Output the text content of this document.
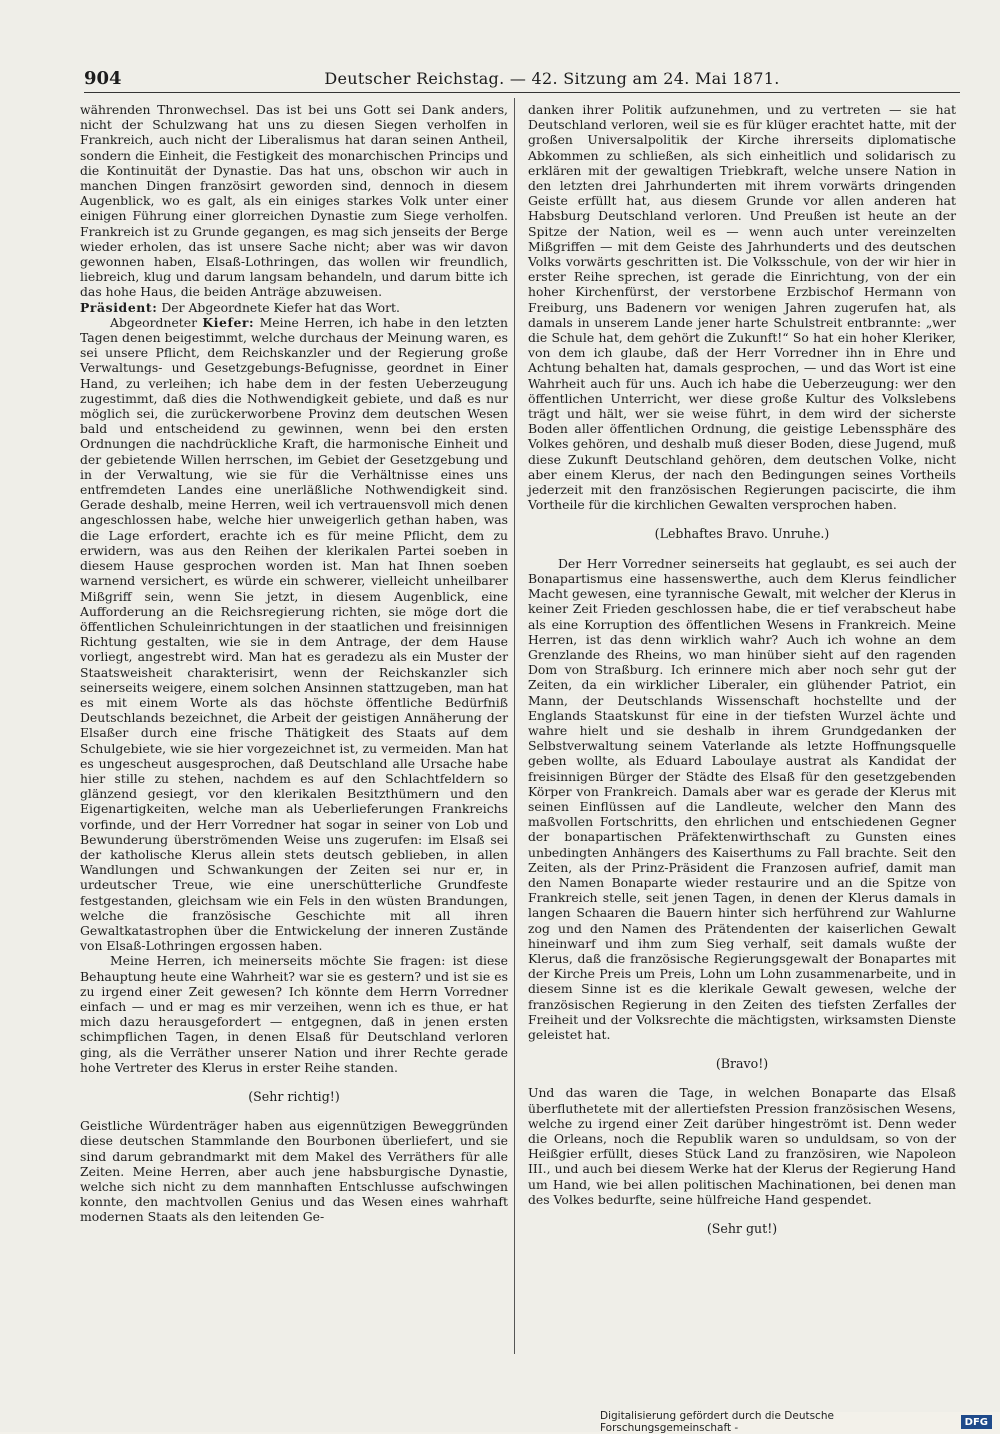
904	Deutscher Reichstag. — 42. Sitzung am 24. Mai 1871.

währenden Thronwechsel. Das ist bei uns Gott sei Dank anders, nicht der Schulzwang hat uns zu diesen Siegen verholfen in Frankreich, auch nicht der Liberalismus hat daran seinen Antheil, sondern die Einheit, die Festigkeit des monarchischen Princips und die Kontinuität der Dynastie. Das hat uns, obschon wir auch in manchen Dingen französirt geworden sind, dennoch in diesem Augenblick, wo es galt, als ein einiges starkes Volk unter einer einigen Führung einer glorreichen Dynastie zum Siege verholfen. Frankreich ist zu Grunde gegangen, es mag sich jenseits der Berge wieder erholen, das ist unsere Sache nicht; aber was wir davon gewonnen haben, Elsaß-Lothringen, das wollen wir freundlich, liebreich, klug und darum langsam behandeln, und darum bitte ich das hohe Haus, die beiden Anträge abzuweisen.

Präsident: Der Abgeordnete Kiefer hat das Wort.

Abgeordneter Kiefer: Meine Herren, ich habe in den letzten Tagen denen beigestimmt, welche durchaus der Meinung waren, es sei unsere Pflicht, dem Reichskanzler und der Regierung große Verwaltungs- und Gesetzgebungs-Befugnisse, geordnet in Einer Hand, zu verleihen; ich habe dem in der festen Ueberzeugung zugestimmt, daß dies die Nothwendigkeit gebiete, und daß es nur möglich sei, die zurückerworbene Provinz dem deutschen Wesen bald und entscheidend zu gewinnen, wenn bei den ersten Ordnungen die nachdrückliche Kraft, die harmonische Einheit und der gebietende Willen herrschen, im Gebiet der Gesetzgebung und in der Verwaltung, wie sie für die Verhältnisse eines uns entfremdeten Landes eine unerläßliche Nothwendigkeit sind. Gerade deshalb, meine Herren, weil ich vertrauensvoll mich denen angeschlossen habe, welche hier unweigerlich gethan haben, was die Lage erfordert, erachte ich es für meine Pflicht, dem zu erwidern, was aus den Reihen der klerikalen Partei soeben in diesem Hause gesprochen worden ist. Man hat Ihnen soeben warnend versichert, es würde ein schwerer, vielleicht unheilbarer Mißgriff sein, wenn Sie jetzt, in diesem Augenblick, eine Aufforderung an die Reichsregierung richten, sie möge dort die öffentlichen Schuleinrichtungen in der staatlichen und freisinnigen Richtung gestalten, wie sie in dem Antrage, der dem Hause vorliegt, angestrebt wird. Man hat es geradezu als ein Muster der Staatsweisheit charakterisirt, wenn der Reichskanzler sich seinerseits weigere, einem solchen Ansinnen stattzugeben, man hat es mit einem Worte als das höchste öffentliche Bedürfniß Deutschlands bezeichnet, die Arbeit der geistigen Annäherung der Elsaßer durch eine frische Thätigkeit des Staats auf dem Schulgebiete, wie sie hier vorgezeichnet ist, zu vermeiden. Man hat es ungescheut ausgesprochen, daß Deutschland alle Ursache habe hier stille zu stehen, nachdem es auf den Schlachtfeldern so glänzend gesiegt, vor den klerikalen Besitzthümern und den Eigenartigkeiten, welche man als Ueberlieferungen Frankreichs vorfinde, und der Herr Vorredner hat sogar in seiner von Lob und Bewunderung überströmenden Weise uns zugerufen: im Elsaß sei der katholische Klerus allein stets deutsch geblieben, in allen Wandlungen und Schwankungen der Zeiten sei nur er, in urdeutscher Treue, wie eine unerschütterliche Grundfeste festgestanden, gleichsam wie ein Fels in den wüsten Brandungen, welche die französische Geschichte mit all ihren Gewaltkatastrophen über die Entwickelung der inneren Zustände von Elsaß-Lothringen ergossen haben.

Meine Herren, ich meinerseits möchte Sie fragen: ist diese Behauptung heute eine Wahrheit? war sie es gestern? und ist sie es zu irgend einer Zeit gewesen? Ich könnte dem Herrn Vorredner einfach — und er mag es mir verzeihen, wenn ich es thue, er hat mich dazu herausgefordert — entgegnen, daß in jenen ersten schimpflichen Tagen, in denen Elsaß für Deutschland verloren ging, als die Verräther unserer Nation und ihrer Rechte gerade hohe Vertreter des Klerus in erster Reihe standen.

(Sehr richtig!)

Geistliche Würdenträger haben aus eigennützigen Beweggründen diese deutschen Stammlande den Bourbonen überliefert, und sie sind darum gebrandmarkt mit dem Makel des Verräthers für alle Zeiten. Meine Herren, aber auch jene habsburgische Dynastie, welche sich nicht zu dem mannhaften Entschlusse aufschwingen konnte, den machtvollen Genius und das Wesen eines wahrhaft modernen Staats als den leitenden Ge-

danken ihrer Politik aufzunehmen, und zu vertreten — sie hat Deutschland verloren, weil sie es für klüger erachtet hatte, mit der großen Universalpolitik der Kirche ihrerseits diplomatische Abkommen zu schließen, als sich einheitlich und solidarisch zu erklären mit der gewaltigen Triebkraft, welche unsere Nation in den letzten drei Jahrhunderten mit ihrem vorwärts dringenden Geiste erfüllt hat, aus diesem Grunde vor allen anderen hat Habsburg Deutschland verloren. Und Preußen ist heute an der Spitze der Nation, weil es — wenn auch unter vereinzelten Mißgriffen — mit dem Geiste des Jahrhunderts und des deutschen Volks vorwärts geschritten ist. Die Volksschule, von der wir hier in erster Reihe sprechen, ist gerade die Einrichtung, von der ein hoher Kirchenfürst, der verstorbene Erzbischof Hermann von Freiburg, uns Badenern vor wenigen Jahren zugerufen hat, als damals in unserem Lande jener harte Schulstreit entbrannte: „wer die Schule hat, dem gehört die Zukunft!“ So hat ein hoher Kleriker, von dem ich glaube, daß der Herr Vorredner ihn in Ehre und Achtung behalten hat, damals gesprochen, — und das Wort ist eine Wahrheit auch für uns. Auch ich habe die Ueberzeugung: wer den öffentlichen Unterricht, wer diese große Kultur des Volkslebens trägt und hält, wer sie weise führt, in dem wird der sicherste Boden aller öffentlichen Ordnung, die geistige Lebenssphäre des Volkes gehören, und deshalb muß dieser Boden, diese Jugend, muß diese Zukunft Deutschland gehören, dem deutschen Volke, nicht aber einem Klerus, der nach den Bedingungen seines Vortheils jederzeit mit den französischen Regierungen paciscirte, die ihm Vortheile für die kirchlichen Gewalten versprochen haben.

(Lebhaftes Bravo. Unruhe.)

Der Herr Vorredner seinerseits hat geglaubt, es sei auch der Bonapartismus eine hassenswerthe, auch dem Klerus feindlicher Macht gewesen, eine tyrannische Gewalt, mit welcher der Klerus in keiner Zeit Frieden geschlossen habe, die er tief verabscheut habe als eine Korruption des öffentlichen Wesens in Frankreich. Meine Herren, ist das denn wirklich wahr? Auch ich wohne an dem Grenzlande des Rheins, wo man hinüber sieht auf den ragenden Dom von Straßburg. Ich erinnere mich aber noch sehr gut der Zeiten, da ein wirklicher Liberaler, ein glühender Patriot, ein Mann, der Deutschlands Wissenschaft hochstellte und der Englands Staatskunst für eine in der tiefsten Wurzel ächte und wahre hielt und sie deshalb in ihrem Grundgedanken der Selbstverwaltung seinem Vaterlande als letzte Hoffnungsquelle geben wollte, als Eduard Laboulaye austrat als Kandidat der freisinnigen Bürger der Städte des Elsaß für den gesetzgebenden Körper von Frankreich. Damals aber war es gerade der Klerus mit seinen Einflüssen auf die Landleute, welcher den Mann des maßvollen Fortschritts, den ehrlichen und entschiedenen Gegner der bonapartischen Präfektenwirthschaft zu Gunsten eines unbedingten Anhängers des Kaiserthums zu Fall brachte. Seit den Zeiten, als der Prinz-Präsident die Franzosen aufrief, damit man den Namen Bonaparte wieder restaurire und an die Spitze von Frankreich stelle, seit jenen Tagen, in denen der Klerus damals in langen Schaaren die Bauern hinter sich herführend zur Wahlurne zog und den Namen des Prätendenten der kaiserlichen Gewalt hineinwarf und ihm zum Sieg verhalf, seit damals wußte der Klerus, daß die französische Regierungsgewalt der Bonapartes mit der Kirche Preis um Preis, Lohn um Lohn zusammenarbeite, und in diesem Sinne ist es die klerikale Gewalt gewesen, welche der französischen Regierung in den Zeiten des tiefsten Zerfalles der Freiheit und der Volksrechte die mächtigsten, wirksamsten Dienste geleistet hat.

(Bravo!)

Und das waren die Tage, in welchen Bonaparte das Elsaß überfluthetete mit der allertiefsten Pression französischen Wesens, welche zu irgend einer Zeit darüber hingeströmt ist. Denn weder die Orleans, noch die Republik waren so unduldsam, so von der Heißgier erfüllt, dieses Stück Land zu französiren, wie Napoleon III., und auch bei diesem Werke hat der Klerus der Regierung Hand um Hand, wie bei allen politischen Machinationen, bei denen man des Volkes bedurfte, seine hülfreiche Hand gespendet.

(Sehr gut!)
Digitalisierung gefördert durch die Deutsche Forschungsgemeinschaft -	DFG
